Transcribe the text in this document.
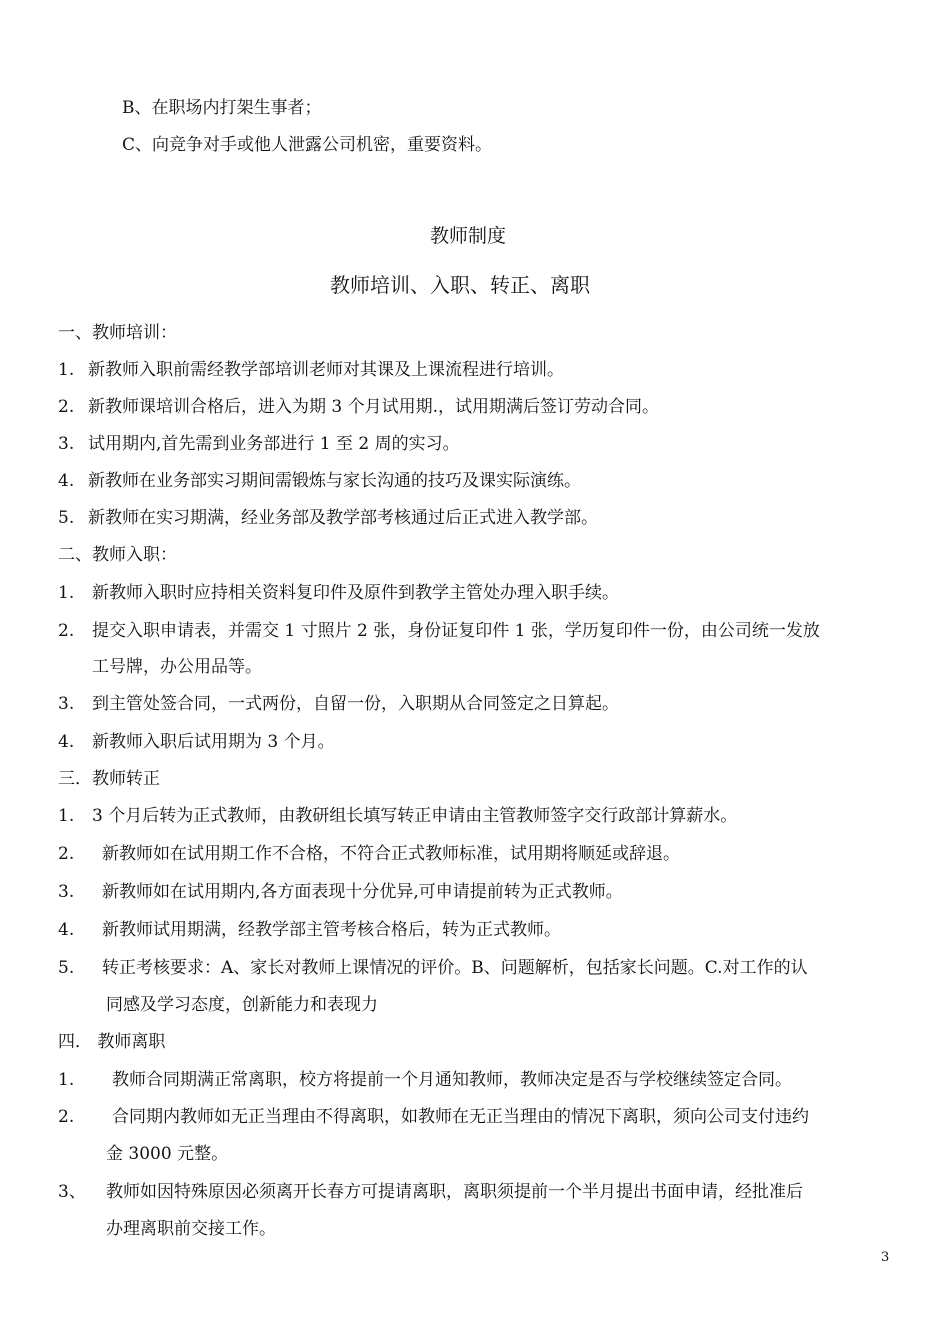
B、在职场内打架生事者；
C、向竞争对手或他人泄露公司机密，重要资料。
教师制度
教师培训、入职、转正、离职
一、教师培训：
1. 新教师入职前需经教学部培训老师对其课及上课流程进行培训。
2. 新教师课培训合格后，进入为期 3 个月试用期.，试用期满后签订劳动合同。
3. 试用期内,首先需到业务部进行 1 至 2 周的实习。
4. 新教师在业务部实习期间需锻炼与家长沟通的技巧及课实际演练。
5. 新教师在实习期满，经业务部及教学部考核通过后正式进入教学部。
二、教师入职：
1. 新教师入职时应持相关资料复印件及原件到教学主管处办理入职手续。
2. 提交入职申请表，并需交 1 寸照片 2 张，身份证复印件 1 张，学历复印件一份，由公司统一发放
工号牌，办公用品等。
3. 到主管处签合同，一式两份，自留一份，入职期从合同签定之日算起。
4. 新教师入职后试用期为 3 个月。
三．教师转正
1. 3 个月后转为正式教师，由教研组长填写转正申请由主管教师签字交行政部计算薪水。
2. 新教师如在试用期工作不合格，不符合正式教师标准，试用期将顺延或辞退。
3. 新教师如在试用期内,各方面表现十分优异,可申请提前转为正式教师。
4. 新教师试用期满，经教学部主管考核合格后，转为正式教师。
5. 转正考核要求：A、家长对教师上课情况的评价。B、问题解析，包括家长问题。C.对工作的认
同感及学习态度，创新能力和表现力
四． 教师离职
1. 教师合同期满正常离职，校方将提前一个月通知教师，教师决定是否与学校继续签定合同。
2. 合同期内教师如无正当理由不得离职，如教师在无正当理由的情况下离职，须向公司支付违约
金 3000 元整。
3、 教师如因特殊原因必须离开长春方可提请离职，离职须提前一个半月提出书面申请，经批准后
办理离职前交接工作。
3
